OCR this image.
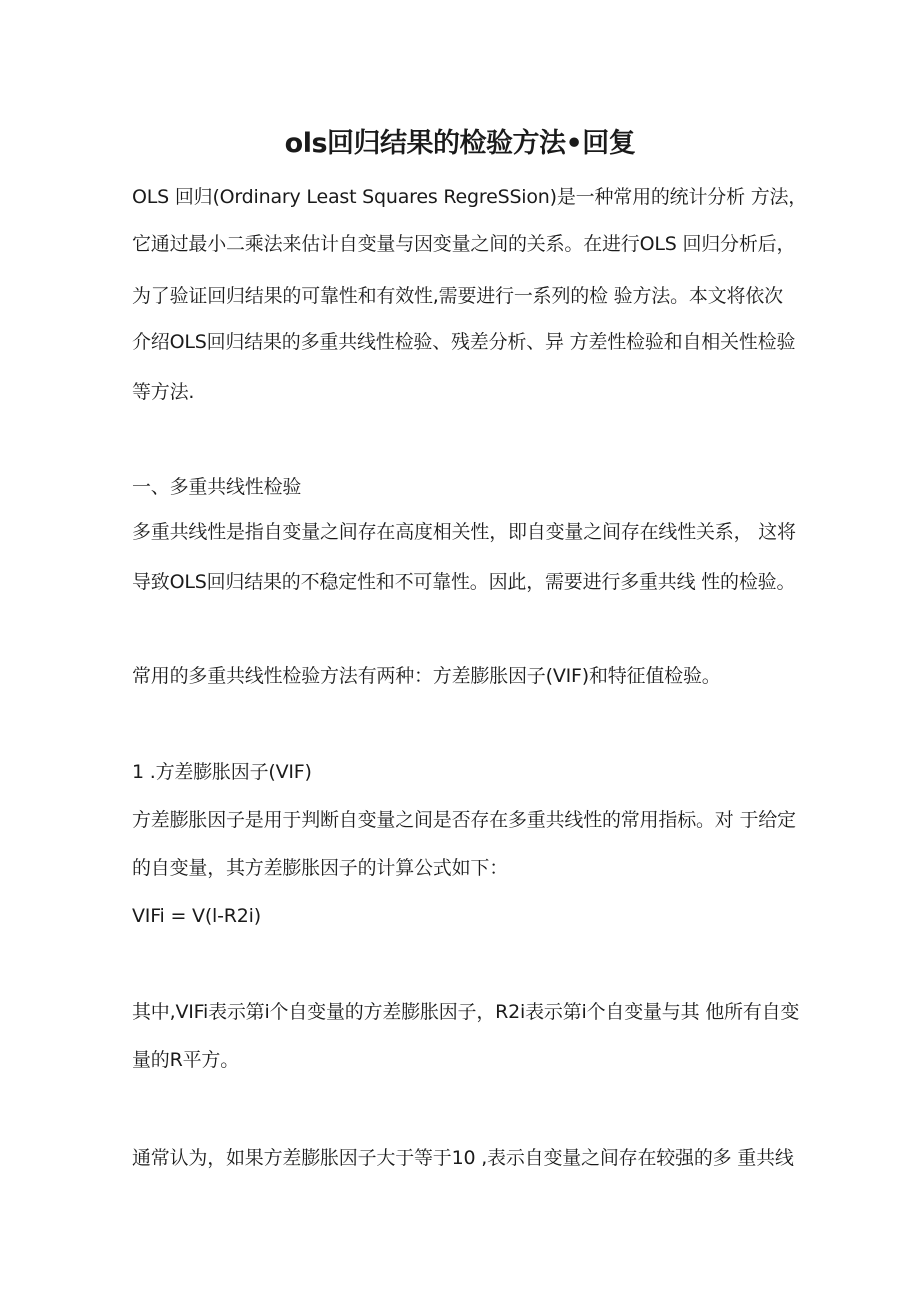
ols回归结果的检验方法•回复
OLS 回归(Ordinary Least Squares RegreSSion)是一种常用的统计分析 方法，
它通过最小二乘法来估计自变量与因变量之间的关系。在进行OLS 回归分析后，
为了验证回归结果的可靠性和有效性,需要进行一系列的检 验方法。本文将依次
介绍OLS回归结果的多重共线性检验、残差分析、异 方差性检验和自相关性检验
等方法.
一、多重共线性检验
多重共线性是指自变量之间存在高度相关性，即自变量之间存在线性关系， 这将
导致OLS回归结果的不稳定性和不可靠性。因此，需要进行多重共线 性的检验。
常用的多重共线性检验方法有两种：方差膨胀因子(VIF)和特征值检验。
1 .方差膨胀因子(VIF)
方差膨胀因子是用于判断自变量之间是否存在多重共线性的常用指标。对 于给定
的自变量，其方差膨胀因子的计算公式如下：
VIFi = V(l-R2i)
其中,VIFi表示第i个自变量的方差膨胀因子，R2i表示第i个自变量与其 他所有自变
量的R平方。
通常认为，如果方差膨胀因子大于等于10 ,表示自变量之间存在较强的多 重共线
